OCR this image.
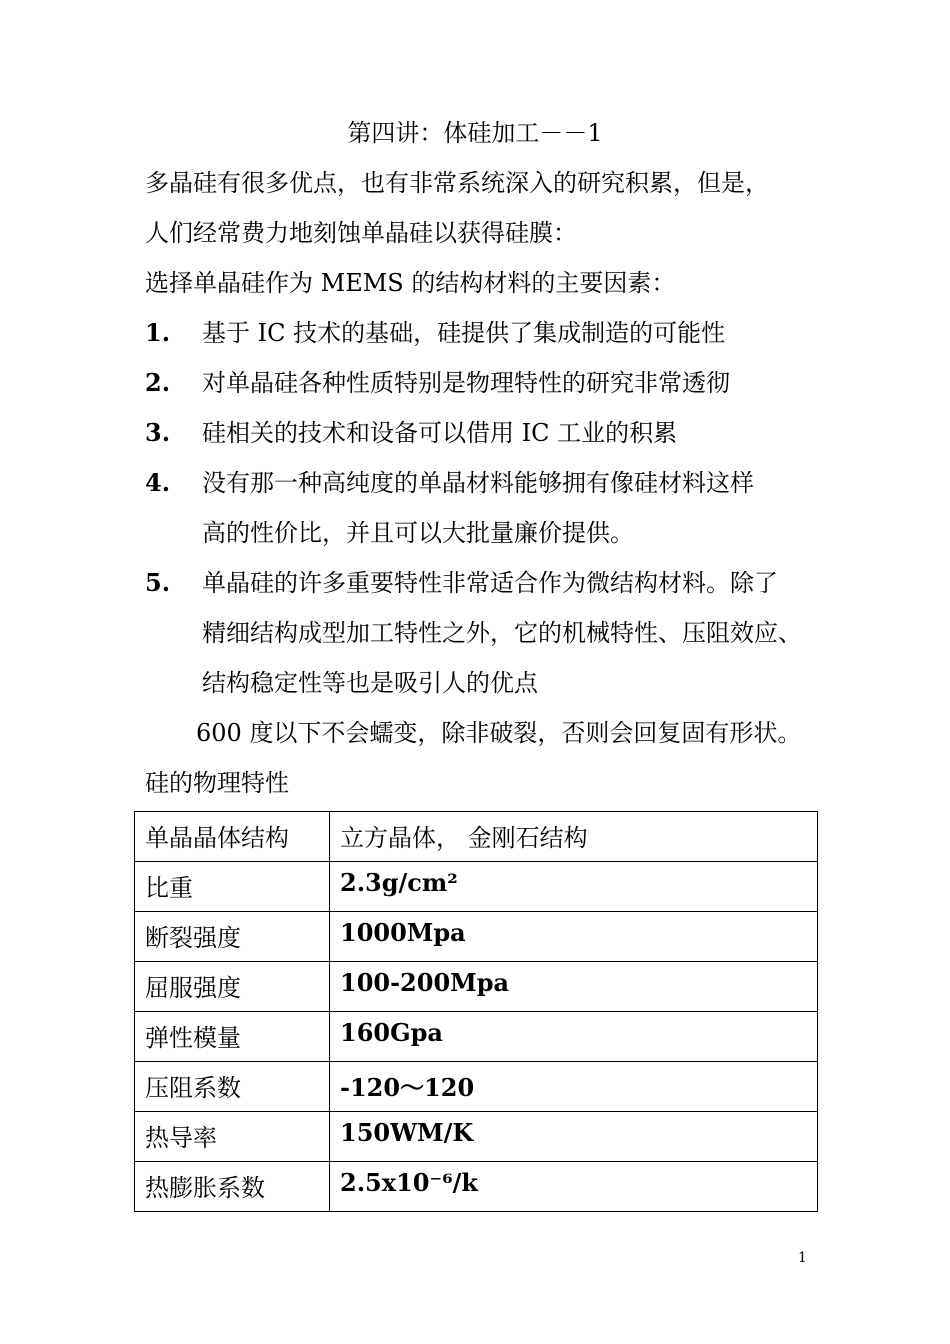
第四讲：体硅加工－－1
多晶硅有很多优点，也有非常系统深入的研究积累，但是，
人们经常费力地刻蚀单晶硅以获得硅膜：
选择单晶硅作为 MEMS 的结构材料的主要因素：
1. 基于 IC 技术的基础，硅提供了集成制造的可能性
2. 对单晶硅各种性质特别是物理特性的研究非常透彻
3. 硅相关的技术和设备可以借用 IC 工业的积累
4. 没有那一种高纯度的单晶材料能够拥有像硅材料这样
高的性价比，并且可以大批量廉价提供。
5. 单晶硅的许多重要特性非常适合作为微结构材料。除了
精细结构成型加工特性之外，它的机械特性、压阻效应、
结构稳定性等也是吸引人的优点
600 度以下不会蠕变，除非破裂，否则会回复固有形状。
硅的物理特性
单晶晶体结构	立方晶体， 金刚石结构
比重	2.3g/cm²
断裂强度	1000Mpa
屈服强度	100-200Mpa
弹性模量	160Gpa
压阻系数	-120～120
热导率	150WM/K
热膨胀系数	2.5x10⁻⁶/k
1
